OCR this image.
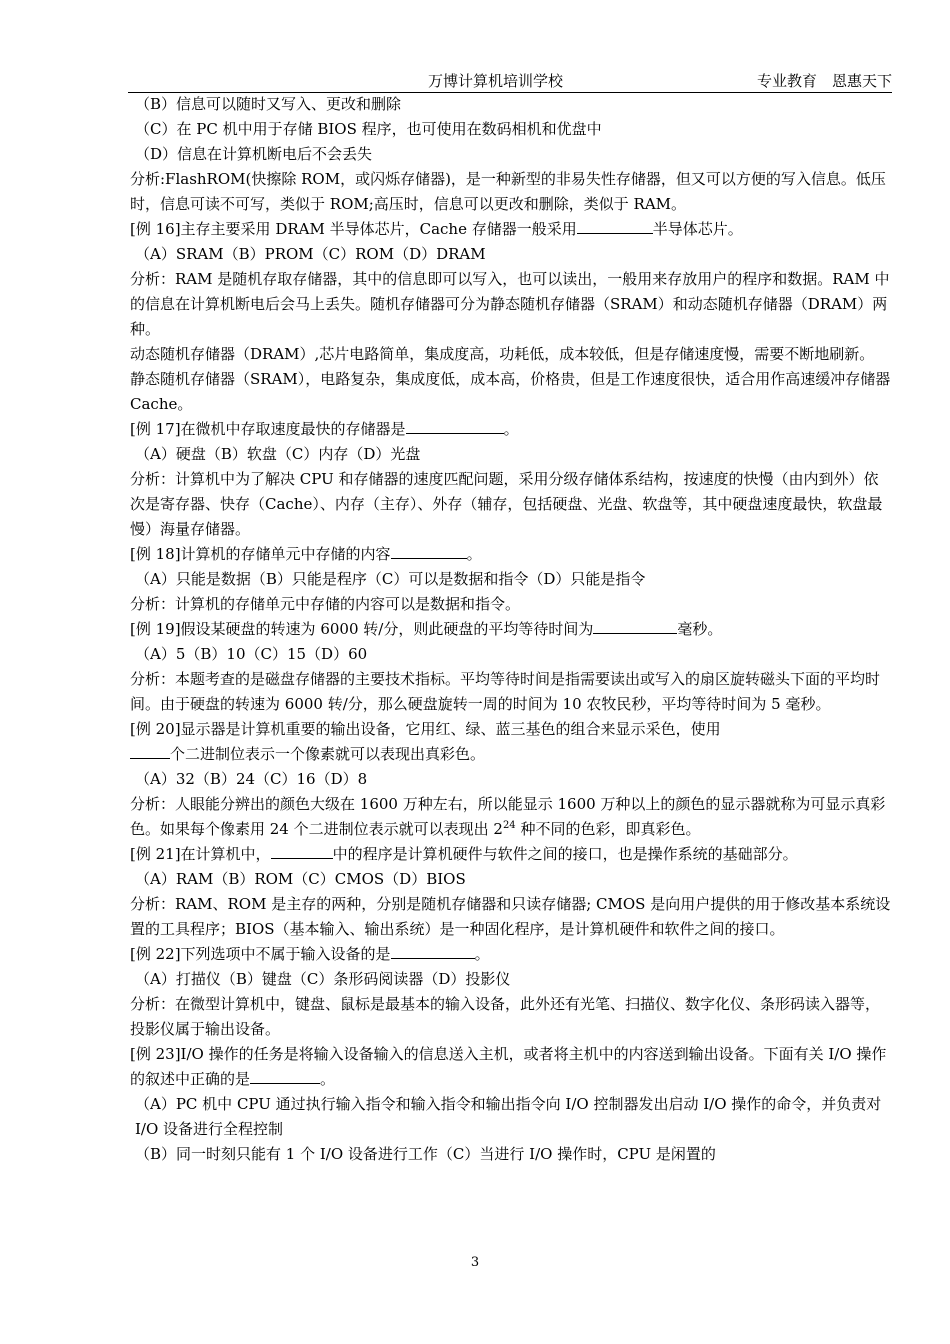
万博计算机培训学校	专业教育　恩惠天下

（B）信息可以随时又写入、更改和删除

（C）在 PC 机中用于存储 BIOS 程序，也可使用在数码相机和优盘中

（D）信息在计算机断电后不会丢失

分析:FlashROM(快擦除 ROM，或闪烁存储器)，是一种新型的非易失性存储器，但又可以方便的写入信息。低压时，信息可读不可写，类似于 ROM;高压时，信息可以更改和删除，类似于 RAM。

[例 16]主存主要采用 DRAM 半导体芯片，Cache 存储器一般采用	半导体芯片。

（A）SRAM（B）PROM（C）ROM（D）DRAM

分析：RAM 是随机存取存储器，其中的信息即可以写入，也可以读出，一般用来存放用户的程序和数据。RAM 中的信息在计算机断电后会马上丢失。随机存储器可分为静态随机存储器（SRAM）和动态随机存储器（DRAM）两种。

动态随机存储器（DRAM）,芯片电路简单，集成度高，功耗低，成本较低，但是存储速度慢，需要不断地刷新。

静态随机存储器（SRAM），电路复杂，集成度低，成本高，价格贵，但是工作速度很快，适合用作高速缓冲存储器 Cache。

[例 17]在微机中存取速度最快的存储器是	。

（A）硬盘（B）软盘（C）内存（D）光盘

分析：计算机中为了解决 CPU 和存储器的速度匹配问题，采用分级存储体系结构，按速度的快慢（由内到外）依次是寄存器、快存（Cache）、内存（主存）、外存（辅存，包括硬盘、光盘、软盘等，其中硬盘速度最快，软盘最慢）海量存储器。

[例 18]计算机的存储单元中存储的内容	。

（A）只能是数据（B）只能是程序（C）可以是数据和指令（D）只能是指令

分析：计算机的存储单元中存储的内容可以是数据和指令。

[例 19]假设某硬盘的转速为 6000 转/分，则此硬盘的平均等待时间为	毫秒。

（A）5（B）10（C）15（D）60

分析：本题考查的是磁盘存储器的主要技术指标。平均等待时间是指需要读出或写入的扇区旋转磁头下面的平均时间。由于硬盘的转速为 6000 转/分，那么硬盘旋转一周的时间为 10 农牧民秒，平均等待时间为 5 毫秒。

[例 20]显示器是计算机重要的输出设备，它用红、绿、蓝三基色的组合来显示采色，使用
个二进制位表示一个像素就可以表现出真彩色。

（A）32（B）24（C）16（D）8

分析：人眼能分辨出的颜色大级在 1600 万种左右，所以能显示 1600 万种以上的颜色的显示器就称为可显示真彩色。如果每个像素用 24 个二进制位表示就可以表现出 $2^{24}$ 种不同的色彩，即真彩色。

[例 21]在计算机中，	中的程序是计算机硬件与软件之间的接口，也是操作系统的基础部分。

（A）RAM（B）ROM（C）CMOS（D）BIOS

分析：RAM、ROM 是主存的两种，分别是随机存储器和只读存储器; CMOS 是向用户提供的用于修改基本系统设置的工具程序；BIOS（基本输入、输出系统）是一种固化程序，是计算机硬件和软件之间的接口。

[例 22]下列选项中不属于输入设备的是	。

（A）打描仪（B）键盘（C）条形码阅读器（D）投影仪

分析：在微型计算机中，键盘、鼠标是最基本的输入设备，此外还有光笔、扫描仪、数字化仪、条形码读入器等，投影仪属于输出设备。

[例 23]I/O 操作的任务是将输入设备输入的信息送入主机，或者将主机中的内容送到输出设备。下面有关 I/O 操作的叙述中正确的是	。

（A）PC 机中 CPU 通过执行输入指令和输入指令和输出指令向 I/O 控制器发出启动 I/O 操作的命令，并负责对 I/O 设备进行全程控制

（B）同一时刻只能有 1 个 I/O 设备进行工作（C）当进行 I/O 操作时，CPU 是闲置的

3
